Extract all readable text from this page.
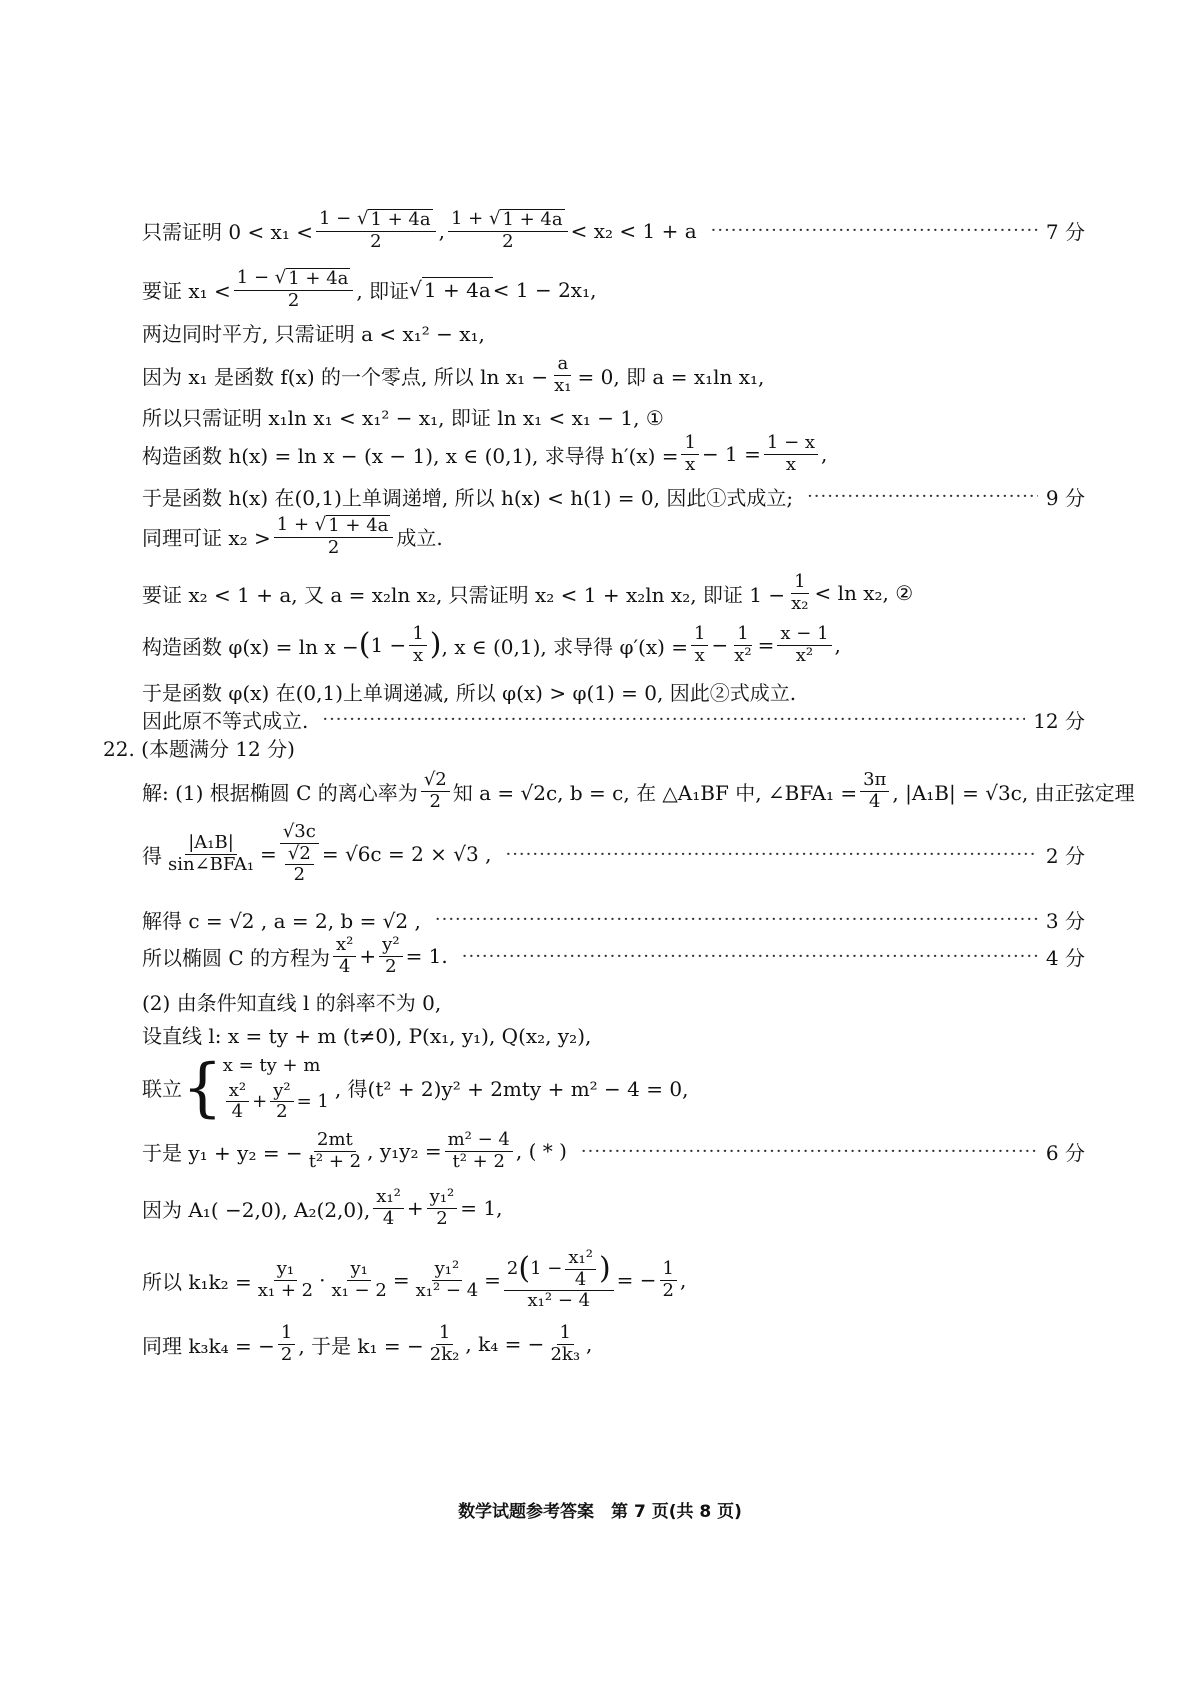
只需证明 $0 < x_1 < \frac{1 - √ 1 + 4a}{2}$ , $\frac{1 + √ 1 + 4a}{2} < x_2 < 1 + a$ ·····	7 分
要证 $x_1 < \frac{1 - √ 1 + 4a}{2}$ , 即证 √ 1 + 4a < 1 − 2x₁,
两边同时平方, 只需证明 a < x₁² − x₁,
因为 x₁ 是函数 f(x) 的一个零点, 所以 $\ln x_1 - \frac{a}{\text{x₁}} = 0$, 即 a = x₁ln x₁,
所以只需证明 x₁ln x₁ < x₁² − x₁, 即证 ln x₁ < x₁ − 1, ①
构造函数 h(x) = ln x − (x − 1), x ∈ (0,1), 求导得 $h'(x) = \frac{1}{x} - 1 = \frac{1 - x}{x}$ ,
于是函数 h(x) 在(0,1)上单调递增, 所以 h(x) < h(1) = 0, 因此①式成立; ·····	9 分
同理可证 $x_2 > \frac{1 + √ 1 + 4a}{2}$ 成立.
要证 x₂ < 1 + a, 又 a = x₂ln x₂, 只需证明 x₂ < 1 + x₂ln x₂, 即证 $1 - \frac{1}{\text{x₂}} < \ln x_2$, ②
构造函数 φ(x) = ln x − ( $1 - \frac{1}{x}$ ) , x ∈ (0,1), 求导得 $\varphi'(x) = \frac{1}{x} - \frac{1}{\text{x²}} = \frac{x - 1}{\text{x²}}$ ,
于是函数 φ(x) 在(0,1)上单调递减, 所以 φ(x) > φ(1) = 0, 因此②式成立.
因此原不等式成立. ·····	12 分
22. (本题满分 12 分)
解: (1) 根据椭圆 C 的离心率为 $\frac{√2}{2}$ 知 a = √2c, b = c, 在 △A₁BF 中, ∠BFA₁ = $\frac{3\pi}{4}$ , |A₁B| = √3c, 由正弦定理
得 $\frac{\text{|A₁B|}}{\text{sin∠BFA₁}} = \frac{√3c}{\frac{√2}{2}} = √6c = 2 \times √3$ , ·····	2 分
解得 c = √2 , a = 2, b = √2 , ·····	3 分
所以椭圆 C 的方程为 $\frac{\text{x²}}{4} + \frac{\text{y²}}{2} = 1$. ·····	4 分
(2) 由条件知直线 l 的斜率不为 0,
设直线 l: x = ty + m (t≠0), P(x₁, y₁), Q(x₂, y₂),
联立 { x = ty + m
$\frac{\text{x²}}{4} + \frac{\text{y²}}{2} = 1$ , 得(t² + 2)y² + 2mty + m² − 4 = 0,
于是 y₁ + y₂ = − $\frac{2mt}{\text{t² + 2}}$ , $y_1y_2 = \frac{\text{m² − 4}}{\text{t² + 2}}$ , ( * ) ·····	6 分
因为 A₁( −2,0), A₂(2,0), $\frac{\text{x₁²}}{4} + \frac{\text{y₁²}}{2} = 1$,
所以 $k_1k_2 = \frac{\text{y₁}}{\text{x₁ + 2}} \cdot \frac{\text{y₁}}{\text{x₁ − 2}} = \frac{\text{y₁²}}{\text{x₁² − 4}} = 2$ ( $1 - \frac{\text{x₁²}}{4}$ )
x₁² − 4
= − $\frac{1}{2}$ ,
同理 k₃k₄ = − $\frac{1}{2}$ , 于是 k₁ = − $\frac{1}{\text{2k₂}}$ , k₄ = − $\frac{1}{\text{2k₃}}$ ,
数学试题参考答案　第 7 页(共 8 页)
